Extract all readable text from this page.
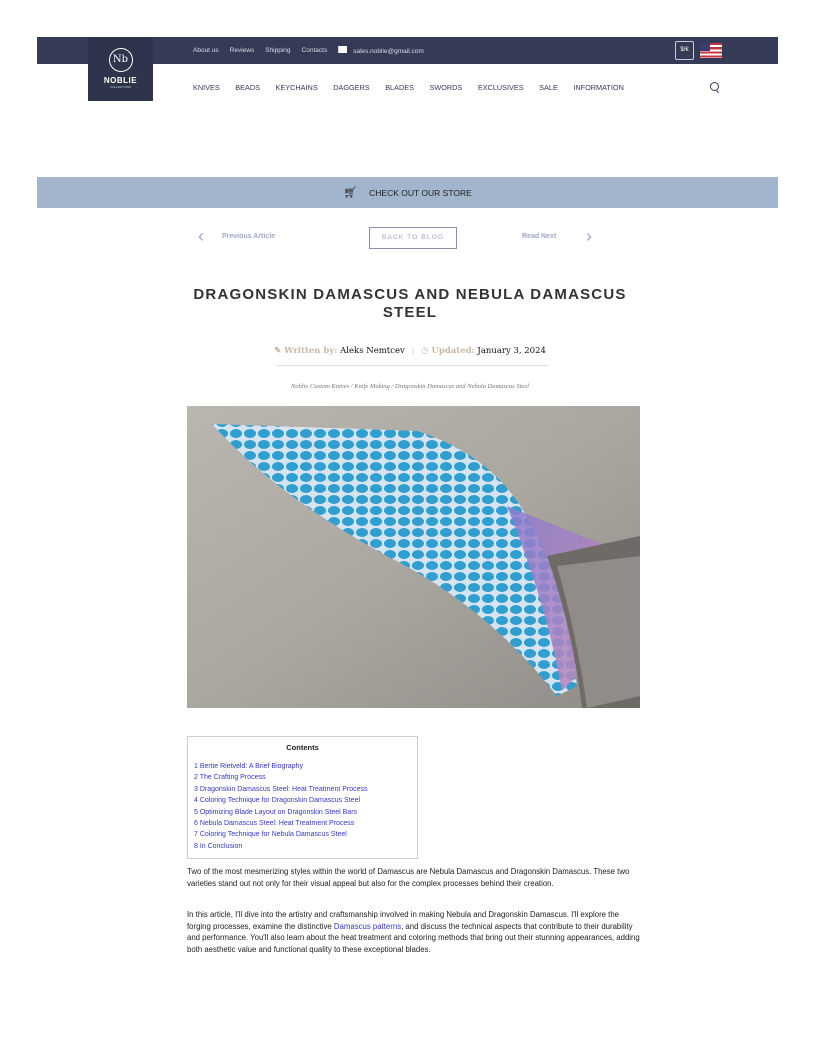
Nb
NOBLIE
COLLECTIONS
About us Reviews Shipping Contacts	sales.noblie@gmail.com	$/€
KNIVES BEADS KEYCHAINS DAGGERS BLADES SWORDS EXCLUSIVES SALE INFORMATION
🛒︎ CHECK OUT OUR STORE
‹	Previous Article	BACK TO BLOG	Read Next ›
DRAGONSKIN DAMASCUS AND NEBULA DAMASCUS STEEL
✎ Written by: Aleks Nemtcev | ◷ Updated: January 3, 2024
Noblie Custom Knives / Knife Making / Dragonskin Damascus and Nebula Damascus Steel
Contents
1 Bertie Rietveld: A Brief Biography
2 The Crafting Process
3 Dragonskin Damascus Steel: Heat Treatment Process
4 Coloring Technique for Dragonskin Damascus Steel
5 Optimizing Blade Layout on Dragonskin Steel Bars
6 Nebula Damascus Steel: Heat Treatment Process
7 Coloring Technique for Nebula Damascus Steel
8 In Conclusion

Two of the most mesmerizing styles within the world of Damascus are Nebula Damascus and Dragonskin Damascus. These two varieties stand out not only for their visual appeal but also for the complex processes behind their creation.

In this article, I'll dive into the artistry and craftsmanship involved in making Nebula and Dragonskin Damascus. I'll explore the forging processes, examine the distinctive Damascus patterns, and discuss the technical aspects that contribute to their durability and performance. You'll also learn about the heat treatment and coloring methods that bring out their stunning appearances, adding both aesthetic value and functional quality to these exceptional blades.
